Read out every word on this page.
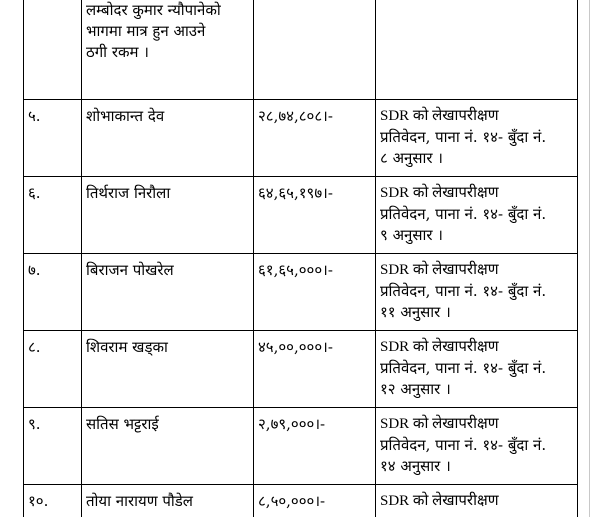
	लम्बोदर कुमार न्यौपानेको
भागमा मात्र हुन आउने
ठगी रकम ।		

५.	शोभाकान्त देव	२८,७४,८०८।-	SDR को लेखापरीक्षण
प्रतिवेदन, पाना नं. १४- बुँदा नं.
८ अनुसार ।

६.	तिर्थराज निरौला	६४,६५,१९७।-	SDR को लेखापरीक्षण
प्रतिवेदन, पाना नं. १४- बुँदा नं.
९ अनुसार ।

७.	बिराजन पोखरेल	६१,६५,०००।-	SDR को लेखापरीक्षण
प्रतिवेदन, पाना नं. १४- बुँदा नं.
११ अनुसार ।

८.	शिवराम खड्का	४५,००,०००।-	SDR को लेखापरीक्षण
प्रतिवेदन, पाना नं. १४- बुँदा नं.
१२ अनुसार ।

९.	सतिस भट्टराई	२,७९,०००।-	SDR को लेखापरीक्षण
प्रतिवेदन, पाना नं. १४- बुँदा नं.
१४ अनुसार ।

१०.	तोया नारायण पौडेल	८,५०,०००।-	SDR को लेखापरीक्षण
